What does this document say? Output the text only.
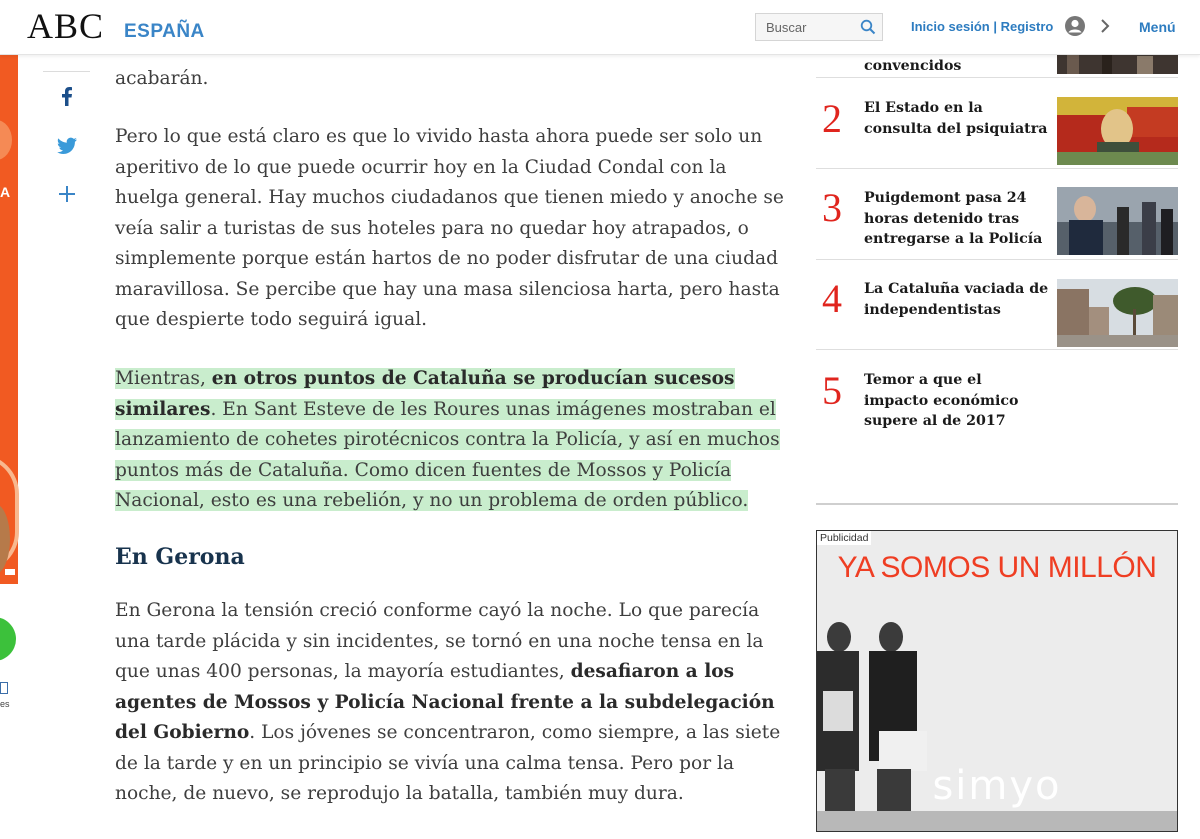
ABC ESPAÑA
Buscar	Inicio sesión | Registro	Menú
A
es

acabarán.

Pero lo que está claro es que lo vivido hasta ahora puede ser solo un aperitivo de lo que puede ocurrir hoy en la Ciudad Condal con la huelga general. Hay muchos ciudadanos que tienen miedo y anoche se veía salir a turistas de sus hoteles para no quedar hoy atrapados, o simplemente porque están hartos de no poder disfrutar de una ciudad maravillosa. Se percibe que hay una masa silenciosa harta, pero hasta que despierte todo seguirá igual.

Mientras, en otros puntos de Cataluña se producían sucesos similares. En Sant Esteve de les Roures unas imágenes mostraban el lanzamiento de cohetes pirotécnicos contra la Policía, y así en muchos puntos más de Cataluña. Como dicen fuentes de Mossos y Policía Nacional, esto es una rebelión, y no un problema de orden público.

En Gerona

En Gerona la tensión creció conforme cayó la noche. Lo que parecía una tarde plácida y sin incidentes, se tornó en una noche tensa en la que unas 400 personas, la mayoría estudiantes, desafiaron a los agentes de Mossos y Policía Nacional frente a la subdelegación del Gobierno. Los jóvenes se concentraron, como siempre, a las siete de la tarde y en un principio se vivía una calma tensa. Pero por la noche, de nuevo, se reprodujo la batalla, también muy dura.

convencidos
2 El Estado en la consulta del psiquiatra
3 Puigdemont pasa 24 horas detenido tras entregarse a la Policía
4 La Cataluña vaciada de independentistas
5 Temor a que el impacto económico supere al de 2017
Publicidad
YA SOMOS UN MILLÓN
simyo
